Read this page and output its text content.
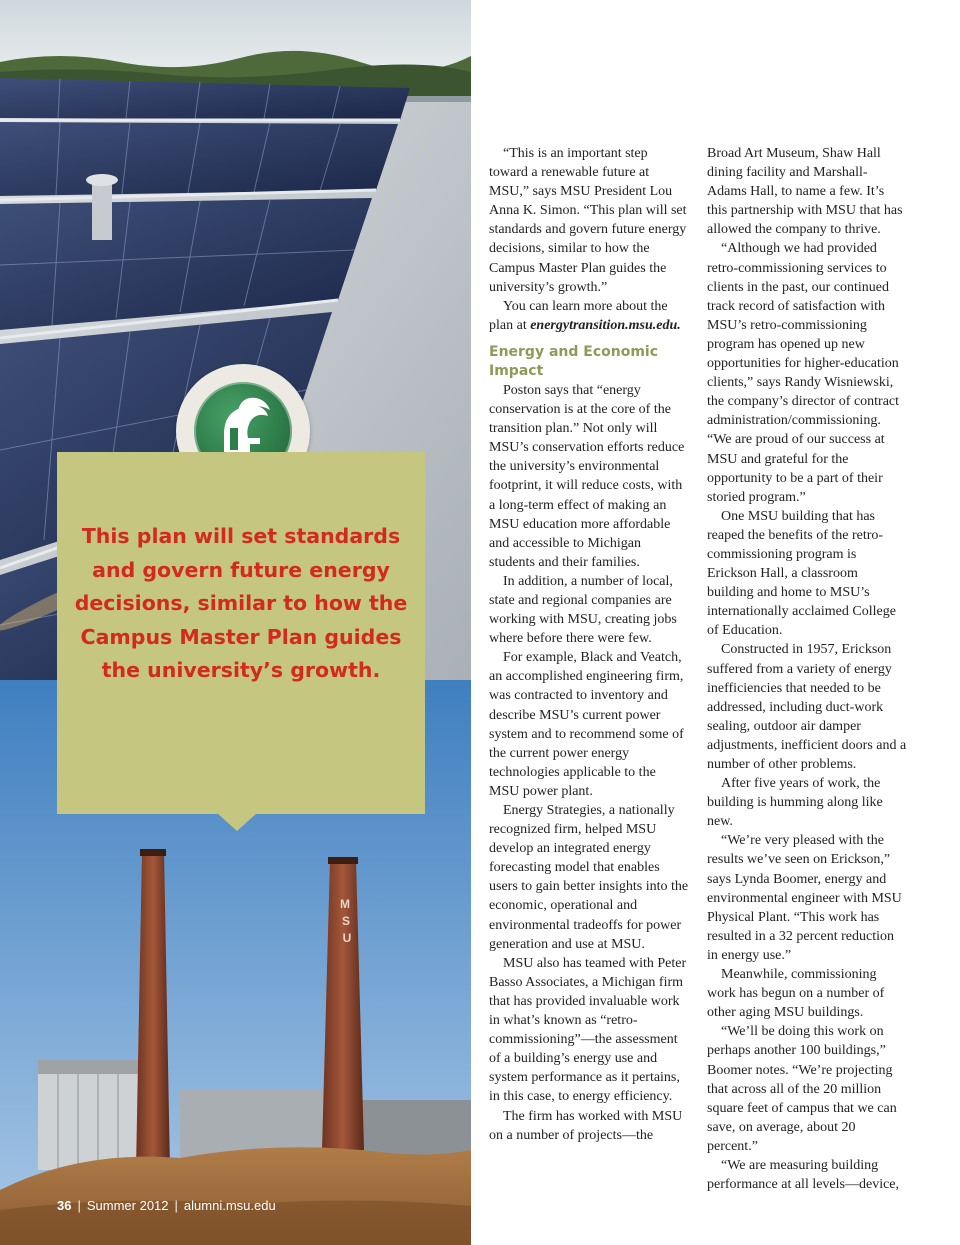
M
S
U

This plan will set standards and govern future energy decisions, similar to how the Campus Master Plan guides the university’s growth.

36 | Summer 2012 | alumni.msu.edu

“This is an important step toward a renewable future at MSU,” says MSU President Lou Anna K. Simon. “This plan will set standards and govern future energy decisions, similar to how the Campus Master Plan guides the university’s growth.”

You can learn more about the plan at energytransition.msu.edu.

Energy and Economic Impact

Poston says that “energy conservation is at the core of the transition plan.” Not only will MSU’s conservation efforts reduce the university’s environmental footprint, it will reduce costs, with a long-term effect of making an MSU education more affordable and accessible to Michigan students and their families.

In addition, a number of local, state and regional companies are working with MSU, creating jobs where before there were few.

For example, Black and Veatch, an accomplished engineering firm, was contracted to inventory and describe MSU’s current power system and to recommend some of the current power energy technologies applicable to the MSU power plant.

Energy Strategies, a nationally recognized firm, helped MSU develop an integrated energy forecasting model that enables users to gain better insights into the economic, operational and environmental tradeoffs for power generation and use at MSU.

MSU also has teamed with Peter Basso Associates, a Michigan firm that has provided invaluable work in what’s known as “retro-commissioning”—the assessment of a building’s energy use and system performance as it pertains, in this case, to energy efficiency.

The firm has worked with MSU on a number of projects—the

Broad Art Museum, Shaw Hall dining facility and Marshall-Adams Hall, to name a few. It’s this partnership with MSU that has allowed the company to thrive.

“Although we had provided retro-commissioning services to clients in the past, our continued track record of satisfaction with MSU’s retro-commissioning program has opened up new opportunities for higher-education clients,” says Randy Wisniewski, the company’s director of contract administration/commissioning. “We are proud of our success at MSU and grateful for the opportunity to be a part of their storied program.”

One MSU building that has reaped the benefits of the retro-commissioning program is Erickson Hall, a classroom building and home to MSU’s internationally acclaimed College of Education.

Constructed in 1957, Erickson suffered from a variety of energy inefficiencies that needed to be addressed, including duct-work sealing, outdoor air damper adjustments, inefficient doors and a number of other problems.

After five years of work, the building is humming along like new.

“We’re very pleased with the results we’ve seen on Erickson,” says Lynda Boomer, energy and environmental engineer with MSU Physical Plant. “This work has resulted in a 32 percent reduction in energy use.”

Meanwhile, commissioning work has begun on a number of other aging MSU buildings.

“We’ll be doing this work on perhaps another 100 buildings,” Boomer notes. “We’re projecting that across all of the 20 million square feet of campus that we can save, on average, about 20 percent.”

“We are measuring building performance at all levels—device,
